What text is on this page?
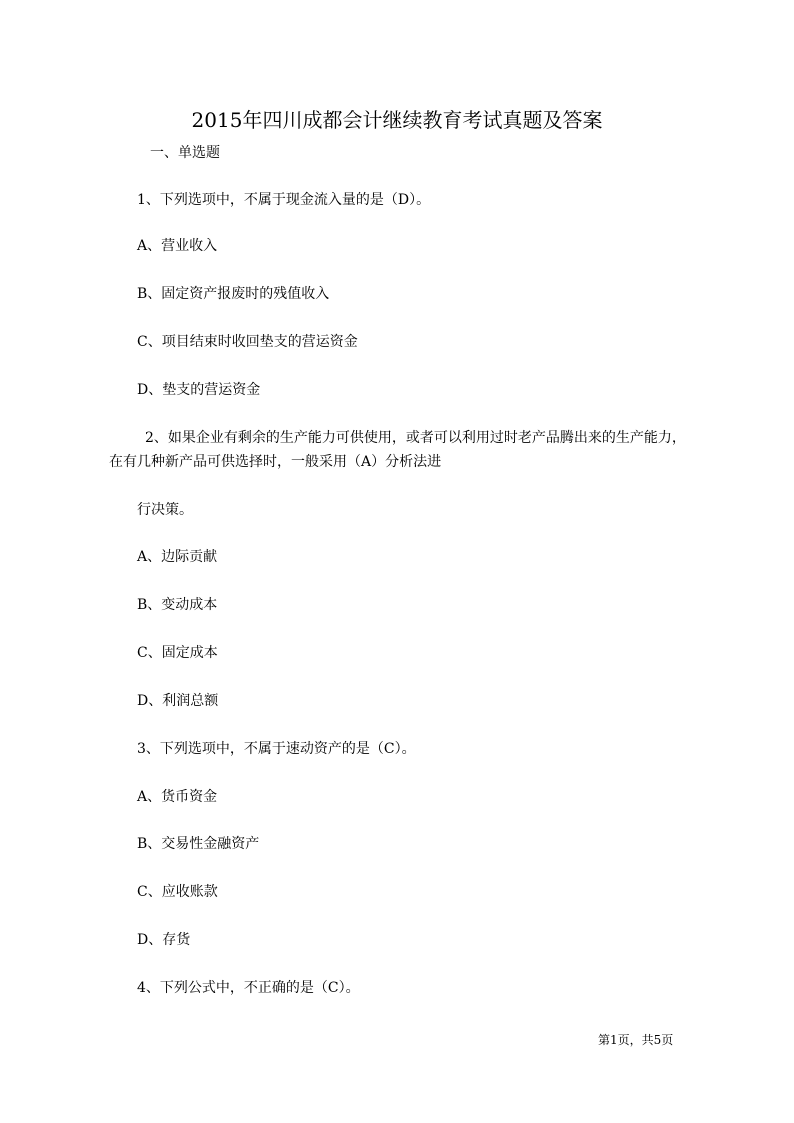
2015年四川成都会计继续教育考试真题及答案
一、单选题
1、下列选项中，不属于现金流入量的是（D）。
A、营业收入
B、固定资产报废时的残值收入
C、项目结束时收回垫支的营运资金
D、垫支的营运资金
2、如果企业有剩余的生产能力可供使用，或者可以利用过时老产品腾出来的生产能力，
在有几种新产品可供选择时，一般采用（A）分析法进
行决策。
A、边际贡献
B、变动成本
C、固定成本
D、利润总额
3、下列选项中，不属于速动资产的是（C）。
A、货币资金
B、交易性金融资产
C、应收账款
D、存货
4、下列公式中，不正确的是（C）。
第1页，共5页
